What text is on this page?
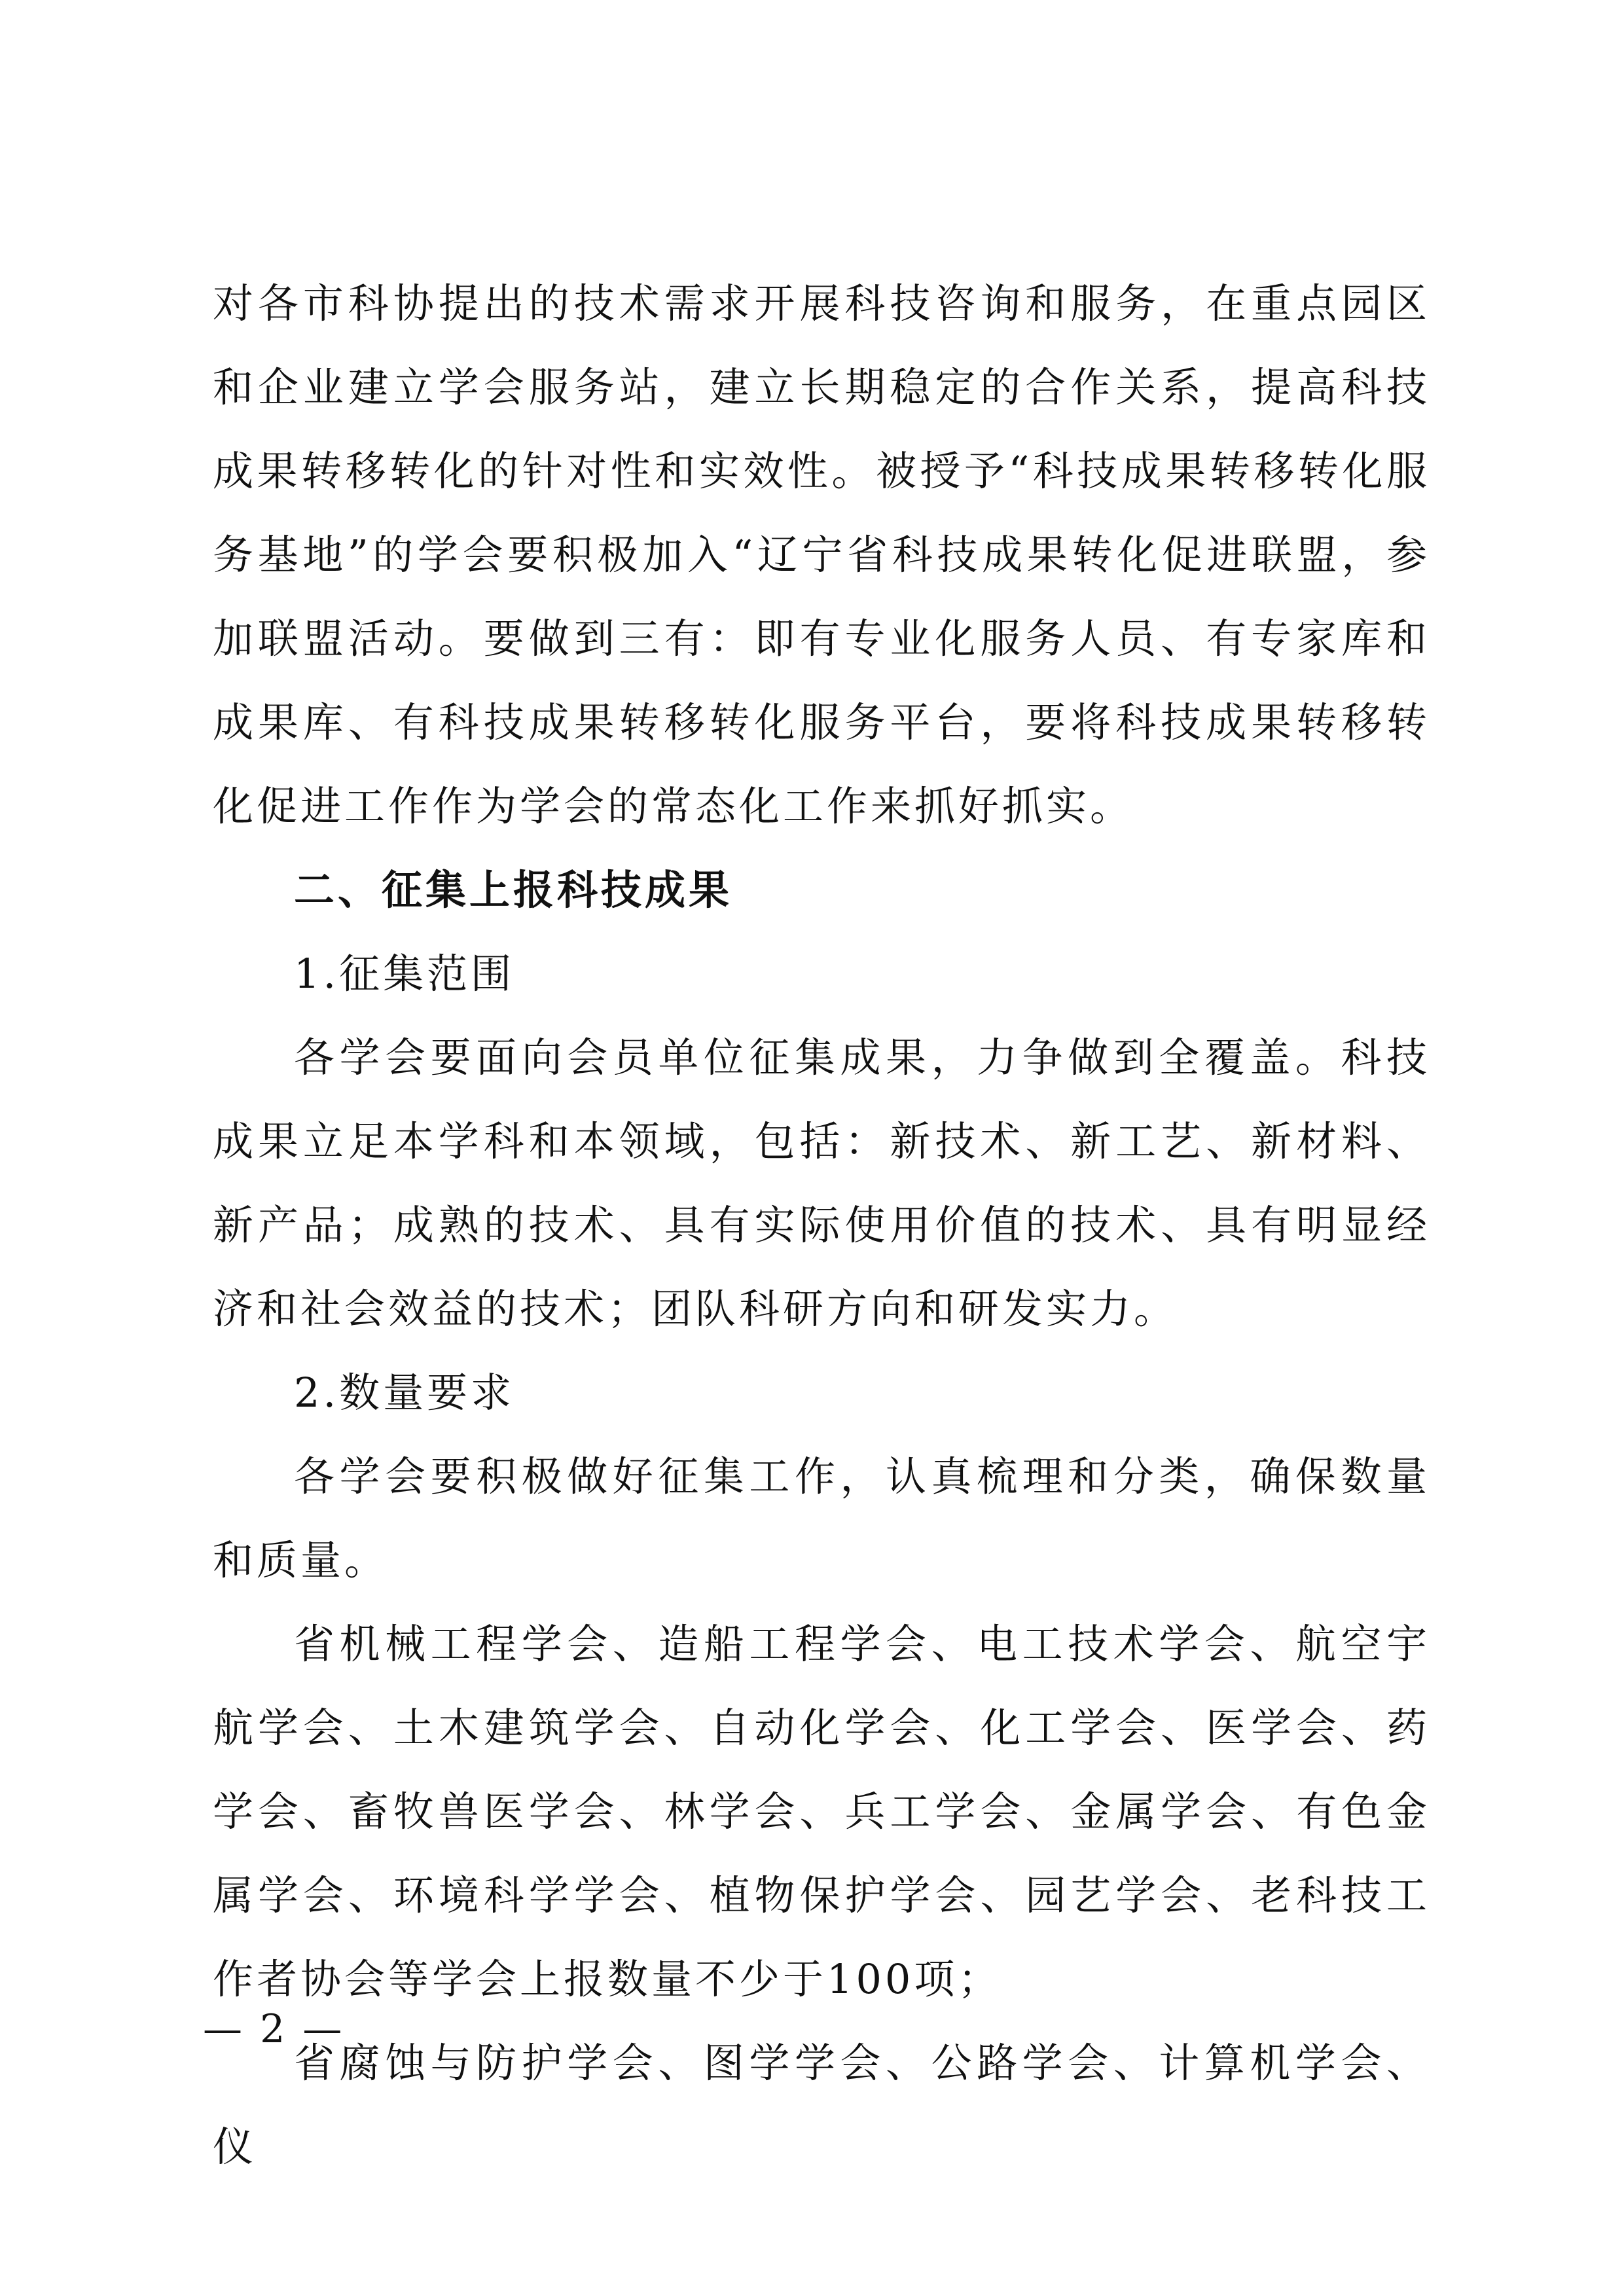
对各市科协提出的技术需求开展科技咨询和服务，在重点园区和企业建立学会服务站，建立长期稳定的合作关系，提高科技成果转移转化的针对性和实效性。被授予“科技成果转移转化服务基地”的学会要积极加入“辽宁省科技成果转化促进联盟，参加联盟活动。要做到三有：即有专业化服务人员、有专家库和成果库、有科技成果转移转化服务平台，要将科技成果转移转化促进工作作为学会的常态化工作来抓好抓实。

二、征集上报科技成果

1.征集范围

各学会要面向会员单位征集成果，力争做到全覆盖。科技成果立足本学科和本领域，包括：新技术、新工艺、新材料、新产品；成熟的技术、具有实际使用价值的技术、具有明显经济和社会效益的技术；团队科研方向和研发实力。

2.数量要求

各学会要积极做好征集工作，认真梳理和分类，确保数量和质量。

省机械工程学会、造船工程学会、电工技术学会、航空宇航学会、土木建筑学会、自动化学会、化工学会、医学会、药学会、畜牧兽医学会、林学会、兵工学会、金属学会、有色金属学会、环境科学学会、植物保护学会、园艺学会、老科技工作者协会等学会上报数量不少于100项；

省腐蚀与防护学会、图学学会、公路学会、计算机学会、仪

— 2 —
